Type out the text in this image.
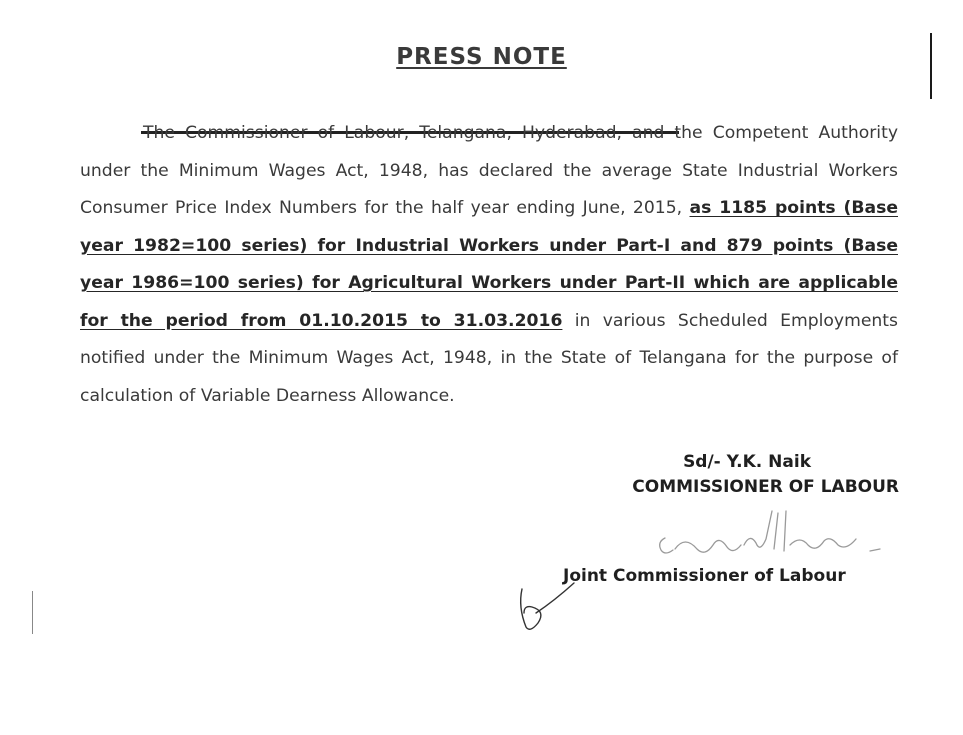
PRESS NOTE

The Commissioner of Labour, Telangana, Hyderabad, and the Competent Authority under the Minimum Wages Act, 1948, has declared the average State Industrial Workers Consumer Price Index Numbers for the half year ending June, 2015, as 1185 points (Base year 1982=100 series) for Industrial Workers under Part-I and 879 points (Base year 1986=100 series) for Agricultural Workers under Part-II which are applicable for the period from 01.10.2015 to 31.03.2016 in various Scheduled Employments notified under the Minimum Wages Act, 1948, in the State of Telangana for the purpose of calculation of Variable Dearness Allowance.

Sd/- Y.K. Naik
COMMISSIONER OF LABOUR
Joint Commissioner of Labour
